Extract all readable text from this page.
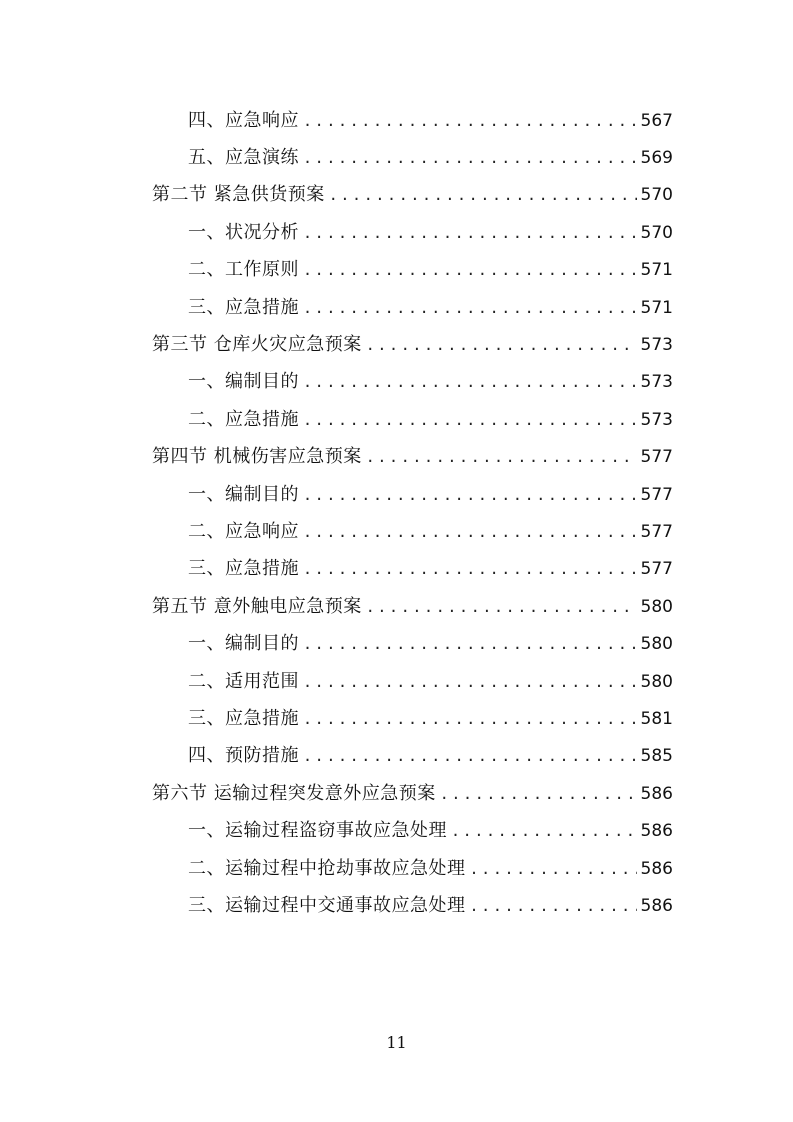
四、应急响应 . . .	567
五、应急演练 . . .	569
第二节 紧急供货预案 . . .	570
一、状况分析 . . .	570
二、工作原则 . . .	571
三、应急措施 . . .	571
第三节 仓库火灾应急预案 . . .	573
一、编制目的 . . .	573
二、应急措施 . . .	573
第四节 机械伤害应急预案 . . .	577
一、编制目的 . . .	577
二、应急响应 . . .	577
三、应急措施 . . .	577
第五节 意外触电应急预案 . . .	580
一、编制目的 . . .	580
二、适用范围 . . .	580
三、应急措施 . . .	581
四、预防措施 . . .	585
第六节 运输过程突发意外应急预案 . . .	586
一、运输过程盗窃事故应急处理 . . .	586
二、运输过程中抢劫事故应急处理 . . .	586
三、运输过程中交通事故应急处理 . . .	586
11
